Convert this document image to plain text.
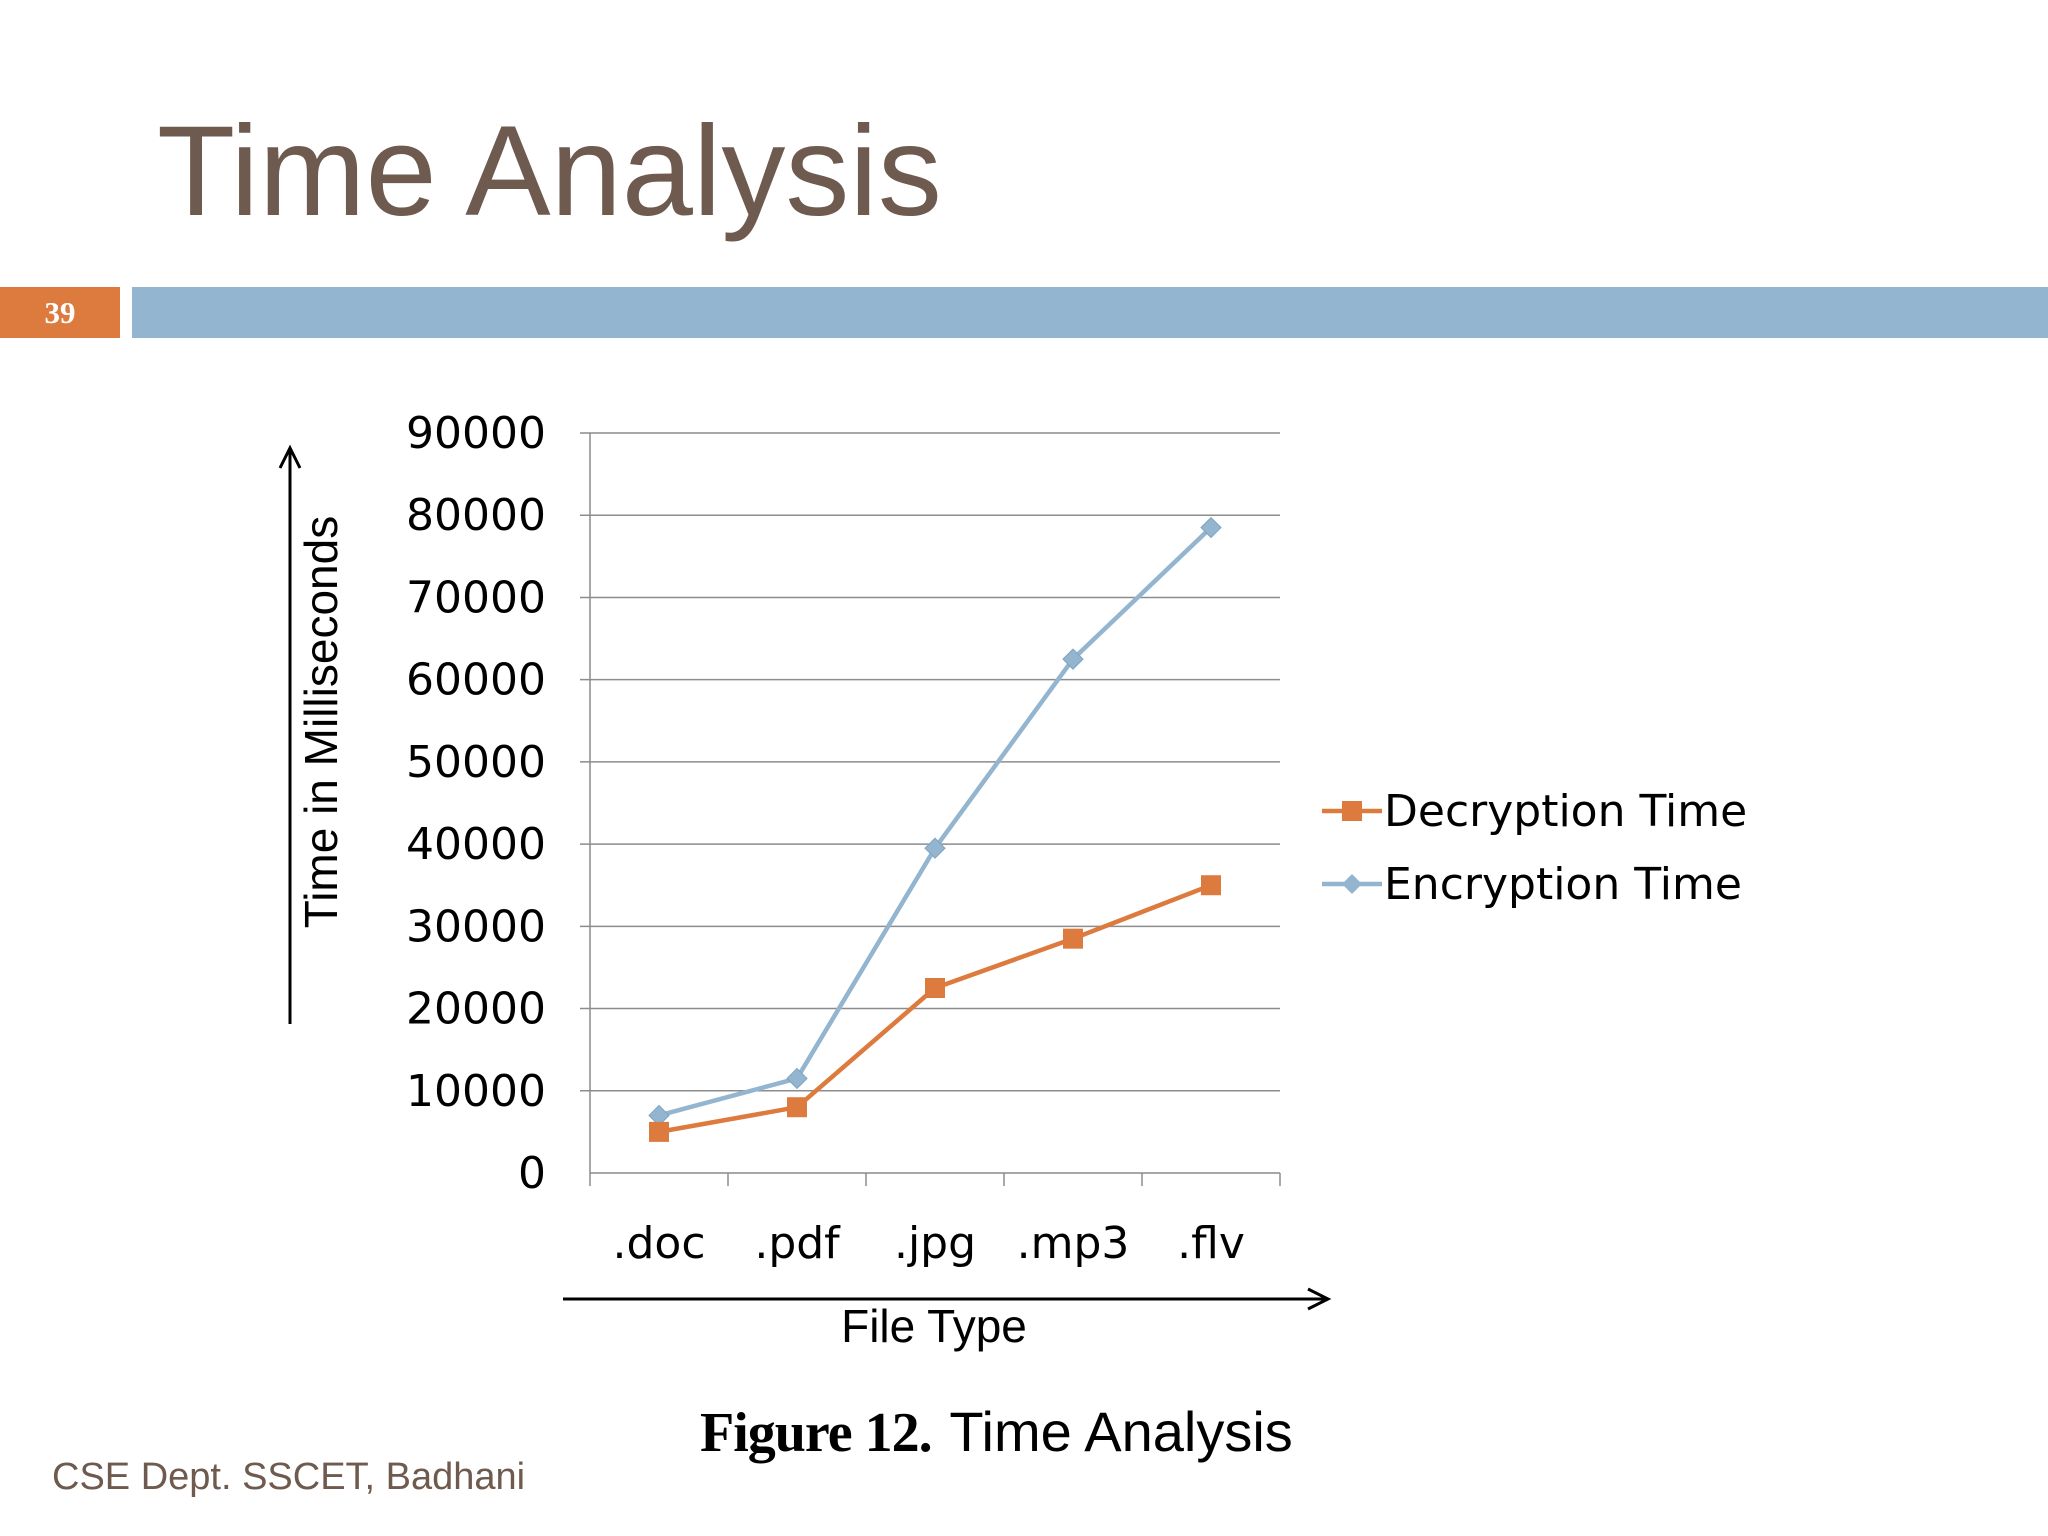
Time Analysis
39
0
10000
20000
30000
40000
50000
60000
70000
80000
90000
.doc .pdf .jpg .mp3 .flv
Decryption Time
Encryption Time
Time in Milliseconds
File Type
Figure 12. Time Analysis
CSE Dept. SSCET, Badhani
